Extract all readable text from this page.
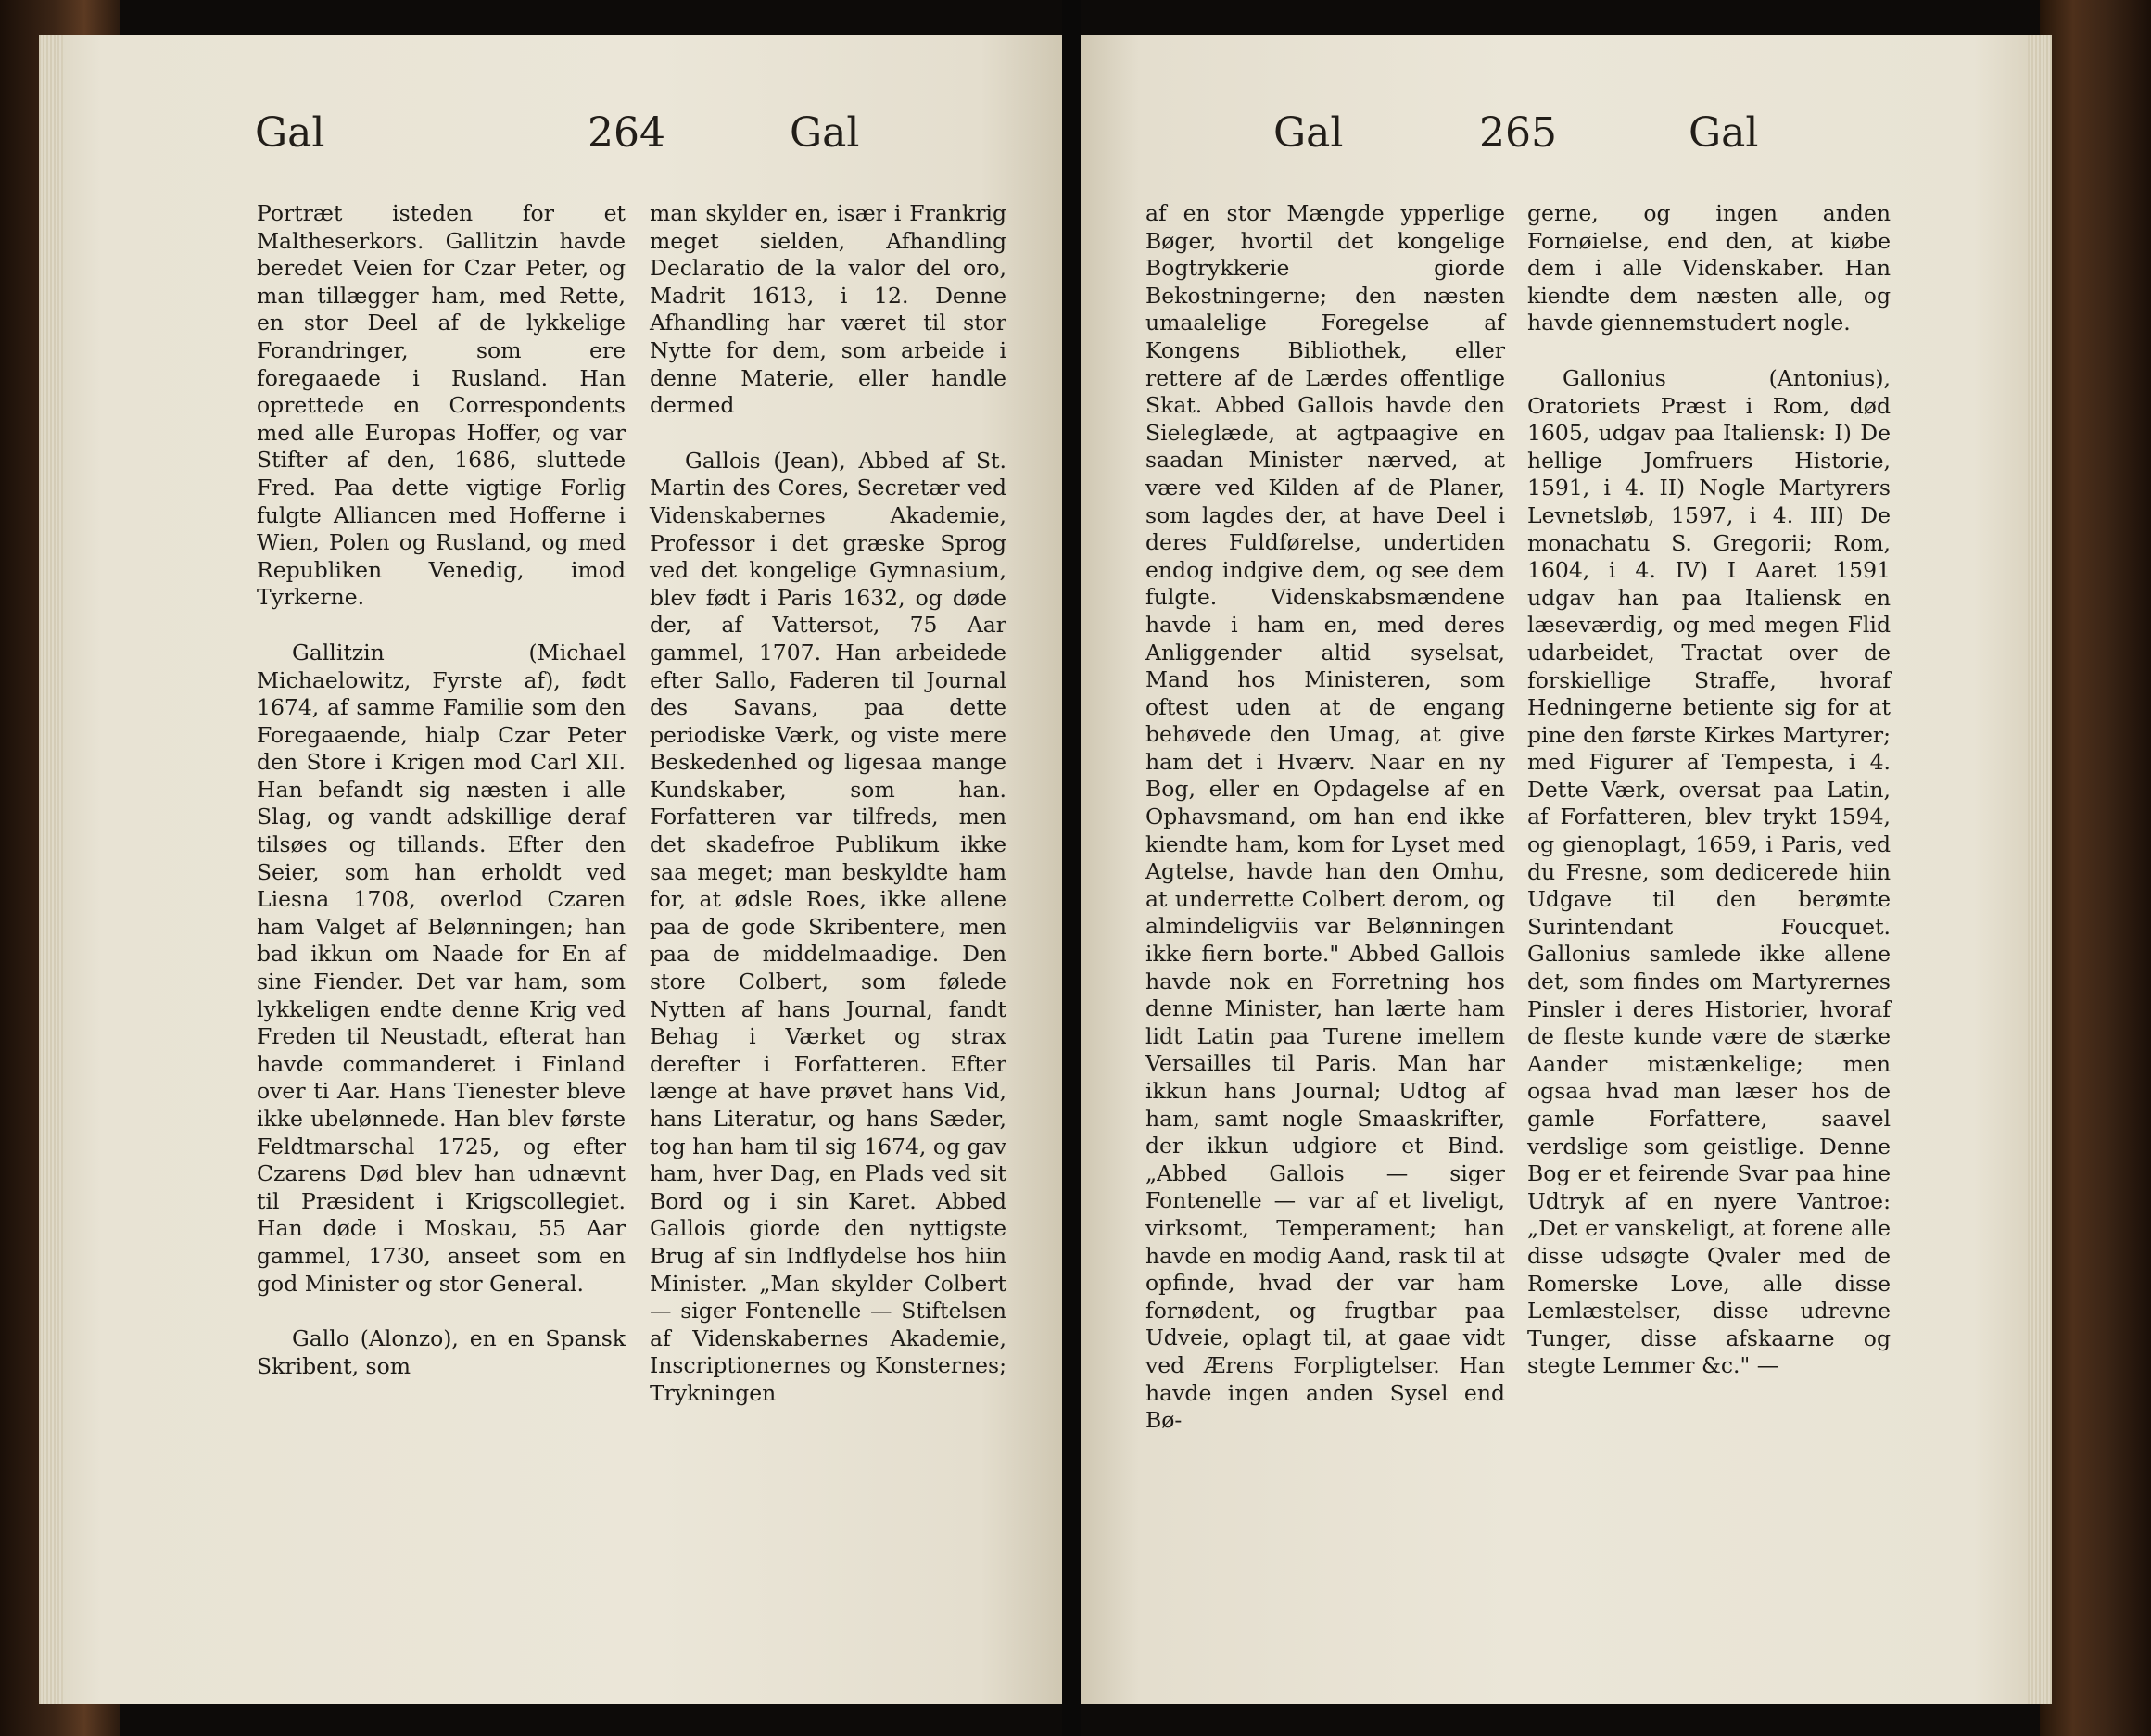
Gal	264	Gal

Portræt isteden for et Maltheserkors. Gallitzin havde beredet Veien for Czar Peter, og man tillægger ham, med Rette, en stor Deel af de lykkelige Forandringer, som ere foregaaede i Rusland. Han oprettede en Correspondents med alle Europas Hoffer, og var Stifter af den, 1686, sluttede Fred. Paa dette vigtige Forlig fulgte Alliancen med Hofferne i Wien, Polen og Rusland, og med Republiken Venedig, imod Tyrkerne.

Gallitzin (Michael Michaelowitz, Fyrste af), født 1674, af samme Familie som den Foregaaende, hialp Czar Peter den Store i Krigen mod Carl XII. Han befandt sig næsten i alle Slag, og vandt adskillige deraf tilsøes og tillands. Efter den Seier, som han erholdt ved Liesna 1708, overlod Czaren ham Valget af Belønningen; han bad ikkun om Naade for En af sine Fiender. Det var ham, som lykkeligen endte denne Krig ved Freden til Neustadt, efterat han havde commanderet i Finland over ti Aar. Hans Tienester bleve ikke ubelønnede. Han blev første Feldtmarschal 1725, og efter Czarens Død blev han udnævnt til Præsident i Krigscollegiet. Han døde i Moskau, 55 Aar gammel, 1730, anseet som en god Minister og stor General.

Gallo (Alonzo), en en Spansk Skribent, som

man skylder en, især i Frankrig meget sielden, Afhandling Declaratio de la valor del oro, Madrit 1613, i 12. Denne Afhandling har været til stor Nytte for dem, som arbeide i denne Materie, eller handle dermed

Gallois (Jean), Abbed af St. Martin des Cores, Secretær ved Videnskabernes Akademie, Professor i det græske Sprog ved det kongelige Gymnasium, blev født i Paris 1632, og døde der, af Vattersot, 75 Aar gammel, 1707. Han arbeidede efter Sallo, Faderen til Journal des Savans, paa dette periodiske Værk, og viste mere Beskedenhed og ligesaa mange Kundskaber, som han. Forfatteren var tilfreds, men det skadefroe Publikum ikke saa meget; man beskyldte ham for, at ødsle Roes, ikke allene paa de gode Skribentere, men paa de middelmaadige. Den store Colbert, som følede Nytten af hans Journal, fandt Behag i Værket og strax derefter i Forfatteren. Efter længe at have prøvet hans Vid, hans Literatur, og hans Sæder, tog han ham til sig 1674, og gav ham, hver Dag, en Plads ved sit Bord og i sin Karet. Abbed Gallois giorde den nyttigste Brug af sin Indflydelse hos hiin Minister. „Man skylder Colbert — siger Fontenelle — Stiftelsen af Videnskabernes Akademie, Inscriptionernes og Konsternes; Trykningen

Gal	265	Gal

af en stor Mængde ypperlige Bøger, hvortil det kongelige Bogtrykkerie giorde Bekostningerne; den næsten umaalelige Foregelse af Kongens Bibliothek, eller rettere af de Lærdes offentlige Skat. Abbed Gallois havde den Sieleglæde, at agtpaagive en saadan Minister nærved, at være ved Kilden af de Planer, som lagdes der, at have Deel i deres Fuldførelse, undertiden endog indgive dem, og see dem fulgte. Videnskabsmændene havde i ham en, med deres Anliggender altid syselsat, Mand hos Ministeren, som oftest uden at de engang behøvede den Umag, at give ham det i Hværv. Naar en ny Bog, eller en Opdagelse af en Ophavsmand, om han end ikke kiendte ham, kom for Lyset med Agtelse, havde han den Omhu, at underrette Colbert derom, og almindeligviis var Belønningen ikke fiern borte." Abbed Gallois havde nok en Forretning hos denne Minister, han lærte ham lidt Latin paa Turene imellem Versailles til Paris. Man har ikkun hans Journal; Udtog af ham, samt nogle Smaaskrifter, der ikkun udgiore et Bind. „Abbed Gallois — siger Fontenelle — var af et liveligt, virksomt, Temperament; han havde en modig Aand, rask til at opfinde, hvad der var ham fornødent, og frugtbar paa Udveie, oplagt til, at gaae vidt ved Ærens Forpligtelser. Han havde ingen anden Sysel end Bø-

gerne, og ingen anden Fornøielse, end den, at kiøbe dem i alle Videnskaber. Han kiendte dem næsten alle, og havde giennemstudert nogle.

Gallonius (Antonius), Oratoriets Præst i Rom, død 1605, udgav paa Italiensk: I) De hellige Jomfruers Historie, 1591, i 4. II) Nogle Martyrers Levnetsløb, 1597, i 4. III) De monachatu S. Gregorii; Rom, 1604, i 4. IV) I Aaret 1591 udgav han paa Italiensk en læseværdig, og med megen Flid udarbeidet, Tractat over de forskiellige Straffe, hvoraf Hedningerne betiente sig for at pine den første Kirkes Martyrer; med Figurer af Tempesta, i 4. Dette Værk, oversat paa Latin, af Forfatteren, blev trykt 1594, og gienoplagt, 1659, i Paris, ved du Fresne, som dedicerede hiin Udgave til den berømte Surintendant Foucquet. Gallonius samlede ikke allene det, som findes om Martyrernes Pinsler i deres Historier, hvoraf de fleste kunde være de stærke Aander mistænkelige; men ogsaa hvad man læser hos de gamle Forfattere, saavel verdslige som geistlige. Denne Bog er et feirende Svar paa hine Udtryk af en nyere Vantroe: „Det er vanskeligt, at forene alle disse udsøgte Qvaler med de Romerske Love, alle disse Lemlæstelser, disse udrevne Tunger, disse afskaarne og stegte Lemmer &c." —
